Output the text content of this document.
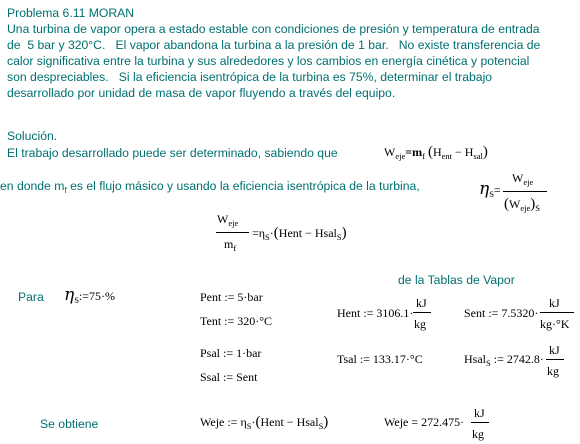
Problema 6.11 MORAN
Una turbina de vapor opera a estado estable con condiciones de presión y temperatura de entrada
de  5 bar y 320°C.   El vapor abandona la turbina a la presión de 1 bar.   No existe transferencia de
calor significativa entre la turbina y sus alrededores y los cambios en energía cinética y potencial
son despreciables.   Si la eficiencia isentrópica de la turbina es 75%, determinar el trabajo
desarrollado por unidad de masa de vapor fluyendo a través del equipo.
Solución.
El trabajo desarrollado puede ser determinado, sabiendo que
en donde $m_f$ es el flujo másico y usando la eficiencia isentrópica de la turbina,
$W_{eje}=m_f$ $(H_{ent} - H_{sal})$
$\eta_S=$
$W_{eje}$
$(W_{eje})_S$
$W_{eje}$
$m_f$
$=\eta_S\cdot(Hent$ − Hsal$_S$)
de la Tablas de Vapor
Para $\eta_S:=75\cdot\%$	Pent := 5·bar
Tent := 320·°C
Psal := 1·bar
Ssal := Sent
Hent := 3106.1·
kJ
kg
Sent := 7.5320·
kJ
kg·°K
Tsal := 133.17·°C	Hsal$_S$ := 2742.8·
kJ
kg
Se obtiene	Weje := $\eta_S\cdot(Hent$ − Hsal$_S$)	Weje = 272.475·
kJ
kg
